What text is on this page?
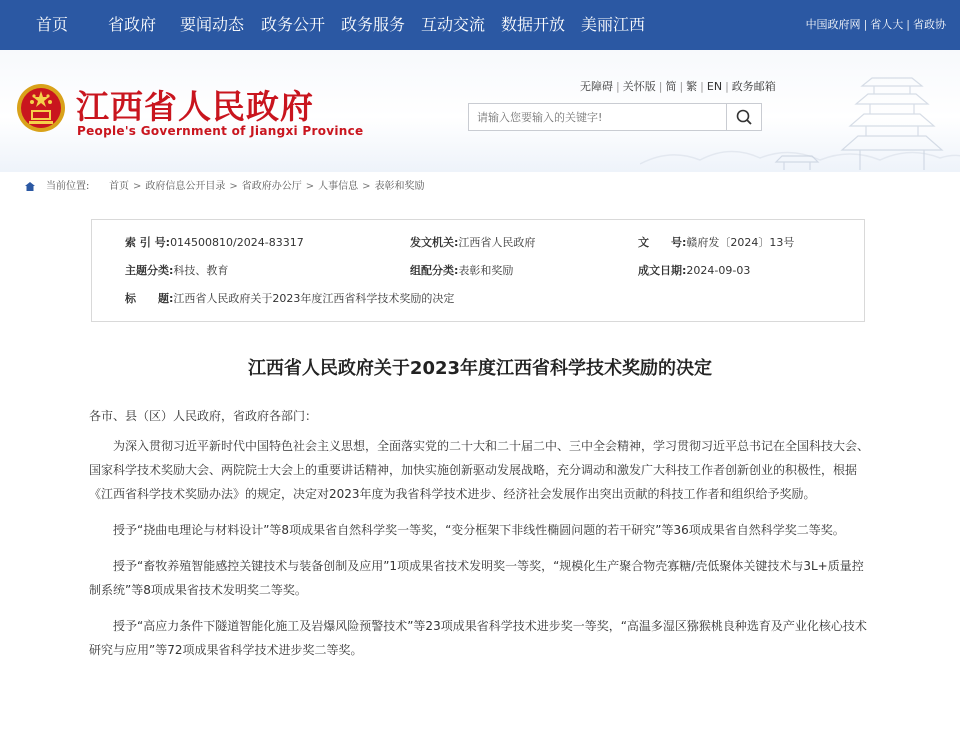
首页 省政府 要闻动态 政务公开 政务服务 互动交流 数据开放 美丽江西	中国政府网 | 省人大 | 省政协
江西省人民政府
People's Government of Jiangxi Province
无障碍 | 关怀版 | 简 | 繁 | EN | 政务邮箱
请输入您要输入的关键字!
当前位置: 首页 > 政府信息公开目录 > 省政府办公厅 > 人事信息 > 表彰和奖励
索 引 号:014500810/2024-83317	发文机关:江西省人民政府	文　　号:赣府发〔2024〕13号
主题分类:科技、教育	组配分类:表彰和奖励	成文日期:2024-09-03
标　　题:江西省人民政府关于2023年度江西省科学技术奖励的决定
江西省人民政府关于2023年度江西省科学技术奖励的决定

各市、县（区）人民政府，省政府各部门：

为深入贯彻习近平新时代中国特色社会主义思想，全面落实党的二十大和二十届二中、三中全会精神，学习贯彻习近平总书记在全国科技大会、国家科学技术奖励大会、两院院士大会上的重要讲话精神，加快实施创新驱动发展战略，充分调动和激发广大科技工作者创新创业的积极性，根据《江西省科学技术奖励办法》的规定，决定对2023年度为我省科学技术进步、经济社会发展作出突出贡献的科技工作者和组织给予奖励。

授予“挠曲电理论与材料设计”等8项成果省自然科学奖一等奖，“变分框架下非线性椭圆问题的若干研究”等36项成果省自然科学奖二等奖。

授予“畜牧养殖智能感控关键技术与装备创制及应用”1项成果省技术发明奖一等奖，“规模化生产聚合物壳寡糖/壳低聚体关键技术与3L+质量控制系统”等8项成果省技术发明奖二等奖。

授予“高应力条件下隧道智能化施工及岩爆风险预警技术”等23项成果省科学技术进步奖一等奖，“高温多湿区猕猴桃良种选育及产业化核心技术研究与应用”等72项成果省科学技术进步奖二等奖。
